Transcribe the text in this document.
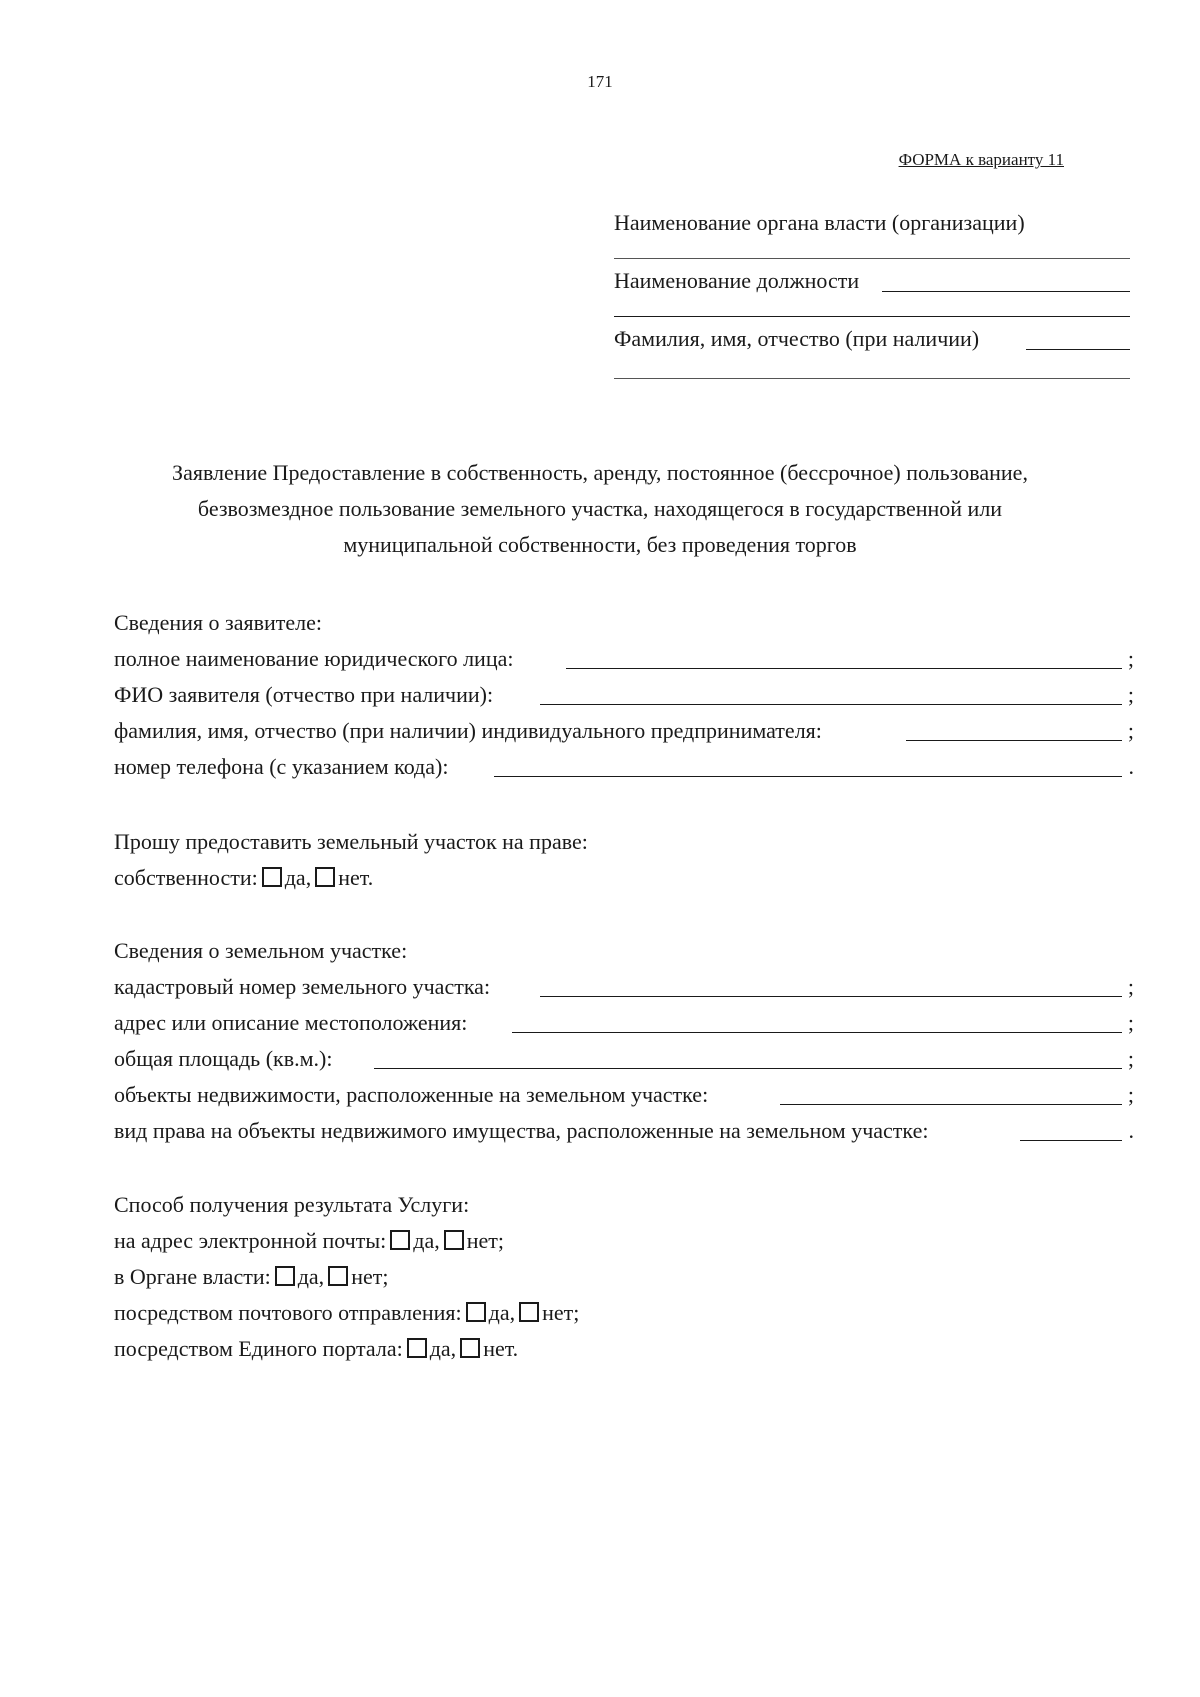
171
ФОРМА к варианту 11
Наименование органа власти (организации)
Наименование должности
Фамилия, имя, отчество (при наличии)
Заявление Предоставление в собственность, аренду, постоянное (бессрочное) пользование,
безвозмездное пользование земельного участка, находящегося в государственной или
муниципальной собственности, без проведения торгов
Сведения о заявителе:
полное наименование юридического лица:	;
ФИО заявителя (отчество при наличии):	;
фамилия, имя, отчество (при наличии) индивидуального предпринимателя:	;
номер телефона (с указанием кода):	.
Прошу предоставить земельный участок на праве:
собственности: да, нет.
Сведения о земельном участке:
кадастровый номер земельного участка:	;
адрес или описание местоположения:	;
общая площадь (кв.м.):	;
объекты недвижимости, расположенные на земельном участке:	;
вид права на объекты недвижимого имущества, расположенные на земельном участке:	.
Способ получения результата Услуги:
на адрес электронной почты: да, нет;
в Органе власти: да, нет;
посредством почтового отправления: да, нет;
посредством Единого портала: да, нет.
